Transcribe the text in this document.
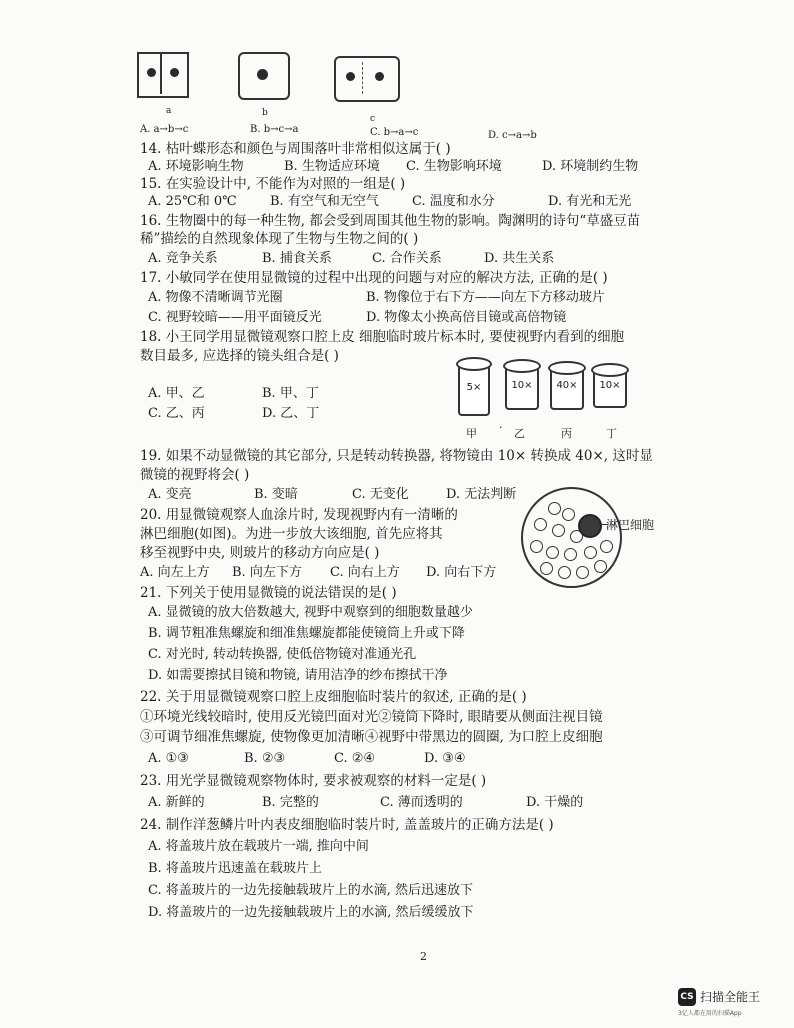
a	b
c
A. a→b→c	B. b→c→a	C. b→a→c	D. c→a→b
14. 枯叶蝶形态和颜色与周围落叶非常相似这属于( )
A. 环境影响生物	B. 生物适应环境 C. 生物影响环境	D. 环境制约生物
15. 在实验设计中, 不能作为对照的一组是( )
A. 25℃和 0℃	B. 有空气和无空气	C. 温度和水分	D. 有光和无光
16. 生物圈中的每一种生物, 都会受到周围其他生物的影响。陶渊明的诗句“草盛豆苗
稀”描绘的自然现象体现了生物与生物之间的( )
A. 竞争关系	B. 捕食关系	C. 合作关系	D. 共生关系
17. 小敏同学在使用显微镜的过程中出现的问题与对应的解决方法, 正确的是( )
A. 物像不清晰调节光圈	B. 物像位于右下方——向左下方移动玻片
C. 视野较暗——用平面镜反光	D. 物像太小换高倍目镜或高倍物镜
18. 小王同学用显微镜观察口腔上皮 细胞临时玻片标本时, 要使视野内看到的细胞
数目最多, 应选择的镜头组合是( )
A. 甲、乙	B. 甲、丁
C. 乙、丙	D. 乙、丁
5×
甲
10×
乙
40×
丙
10×
丁
·
19. 如果不动显微镜的其它部分, 只是转动转换器, 将物镜由 10× 转换成 40×, 这时显
微镜的视野将会( )
A. 变亮	B. 变暗	C. 无变化	D. 无法判断
20. 用显微镜观察人血涂片时, 发现视野内有一清晰的
淋巴细胞(如图)。为进一步放大该细胞, 首先应将其
移至视野中央, 则玻片的移动方向应是( )
A. 向左上方 B. 向左下方 C. 向右上方 D. 向右下方
淋巴细胞
21. 下列关于使用显微镜的说法错误的是( )
A. 显微镜的放大倍数越大, 视野中观察到的细胞数量越少
B. 调节粗准焦螺旋和细准焦螺旋都能使镜筒上升或下降
C. 对光时, 转动转换器, 使低倍物镜对准通光孔
D. 如需要擦拭目镜和物镜, 请用洁净的纱布擦拭干净
22. 关于用显微镜观察口腔上皮细胞临时装片的叙述, 正确的是( )
①环境光线较暗时, 使用反光镜凹面对光②镜筒下降时, 眼睛要从侧面注视目镜
③可调节细准焦螺旋, 使物像更加清晰④视野中带黑边的圆圈, 为口腔上皮细胞
A. ①③	B. ②③	C. ②④	D. ③④
23. 用光学显微镜观察物体时, 要求被观察的材料一定是( )
A. 新鲜的	B. 完整的	C. 薄而透明的	D. 干燥的
24. 制作洋葱鳞片叶内表皮细胞临时装片时, 盖盖玻片的正确方法是( )
A. 将盖玻片放在载玻片一端, 推向中间
B. 将盖玻片迅速盖在载玻片上
C. 将盖玻片的一边先接触载玻片上的水滴, 然后迅速放下
D. 将盖玻片的一边先接触载玻片上的水滴, 然后缓缓放下
2
CS 扫描全能王
3亿人都在用的扫描App
